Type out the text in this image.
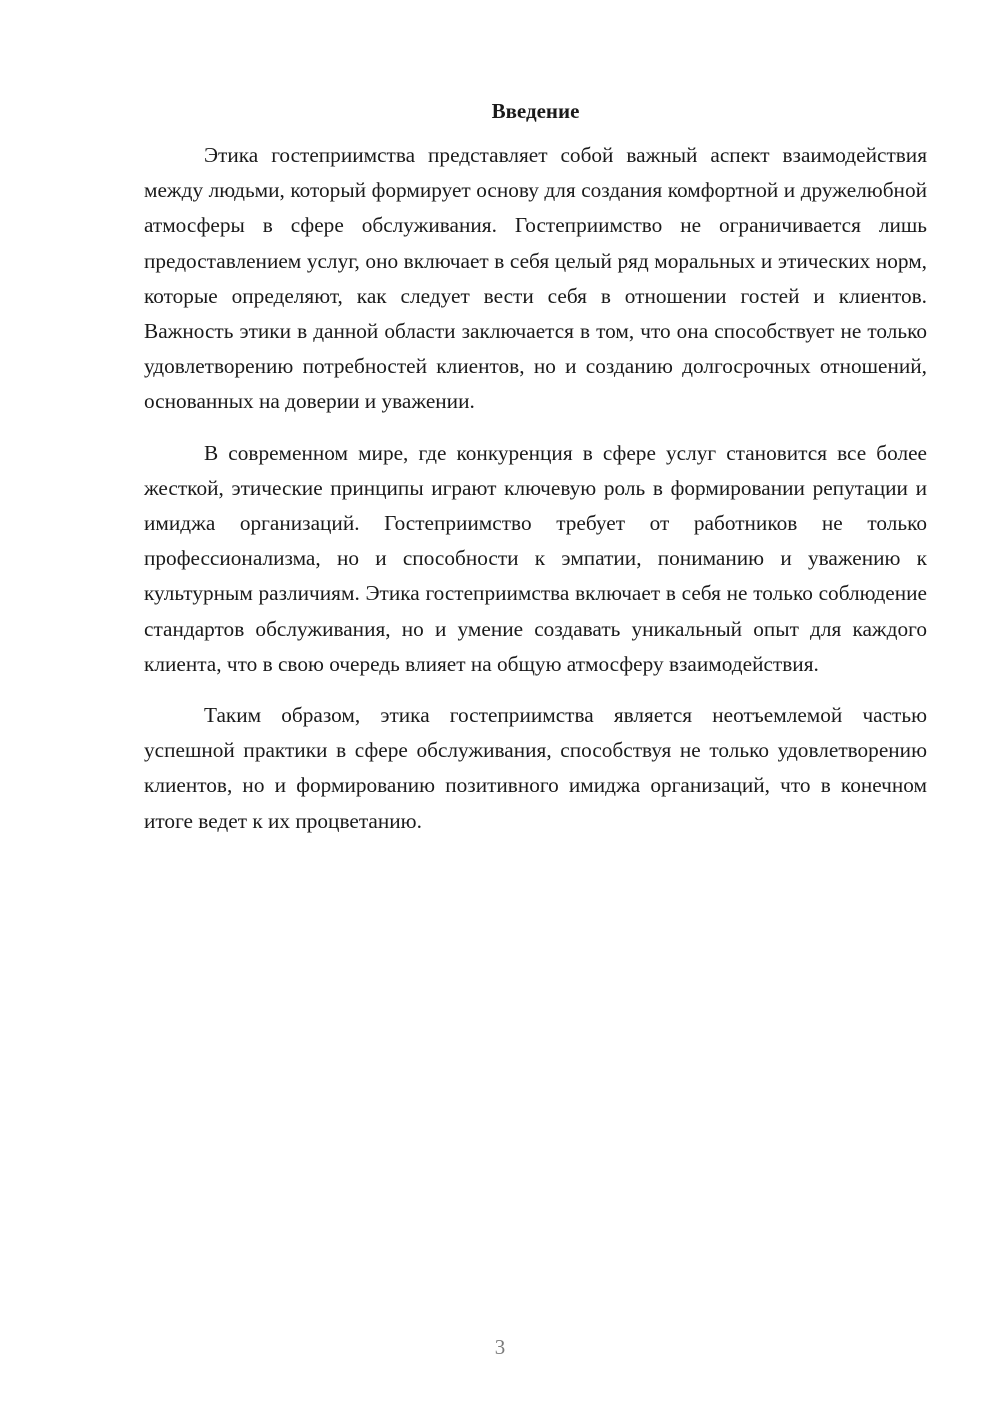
Введение

Этика гостеприимства представляет собой важный аспект взаимодействия между людьми, который формирует основу для создания комфортной и дружелюбной атмосферы в сфере обслуживания. Гостеприимство не ограничивается лишь предоставлением услуг, оно включает в себя целый ряд моральных и этических норм, которые определяют, как следует вести себя в отношении гостей и клиентов. Важность этики в данной области заключается в том, что она способствует не только удовлетворению потребностей клиентов, но и созданию долгосрочных отношений, основанных на доверии и уважении.

В современном мире, где конкуренция в сфере услуг становится все более жесткой, этические принципы играют ключевую роль в формировании репутации и имиджа организаций. Гостеприимство требует от работников не только профессионализма, но и способности к эмпатии, пониманию и уважению к культурным различиям. Этика гостеприимства включает в себя не только соблюдение стандартов обслуживания, но и умение создавать уникальный опыт для каждого клиента, что в свою очередь влияет на общую атмосферу взаимодействия.

Таким образом, этика гостеприимства является неотъемлемой частью успешной практики в сфере обслуживания, способствуя не только удовлетворению клиентов, но и формированию позитивного имиджа организаций, что в конечном итоге ведет к их процветанию.

3
